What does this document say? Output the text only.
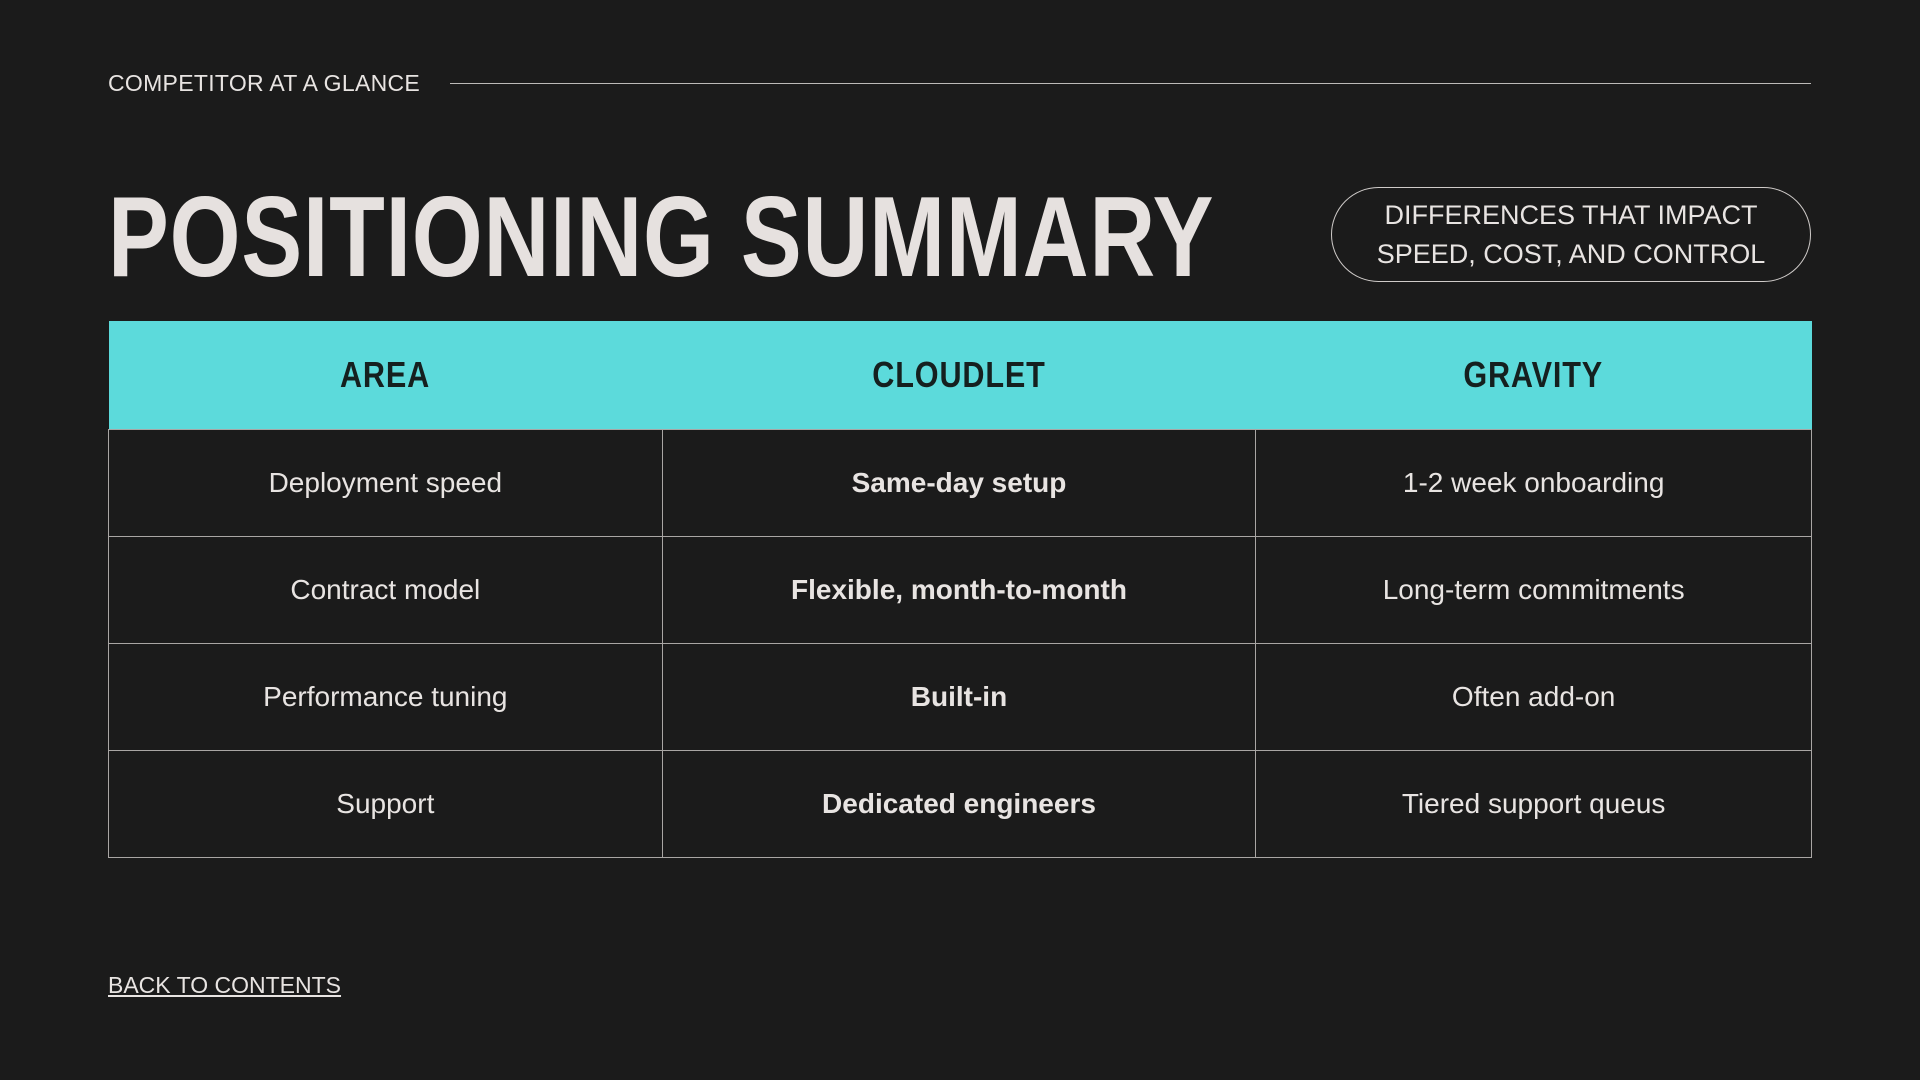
COMPETITOR AT A GLANCE
POSITIONING SUMMARY	DIFFERENCES THAT IMPACT
SPEED, COST, AND CONTROL
AREA	CLOUDLET	GRAVITY
Deployment speed	Same-day setup	1-2 week onboarding
Contract model	Flexible, month-to-month	Long-term commitments
Performance tuning	Built-in	Often add-on
Support	Dedicated engineers	Tiered support queus
BACK TO CONTENTS
